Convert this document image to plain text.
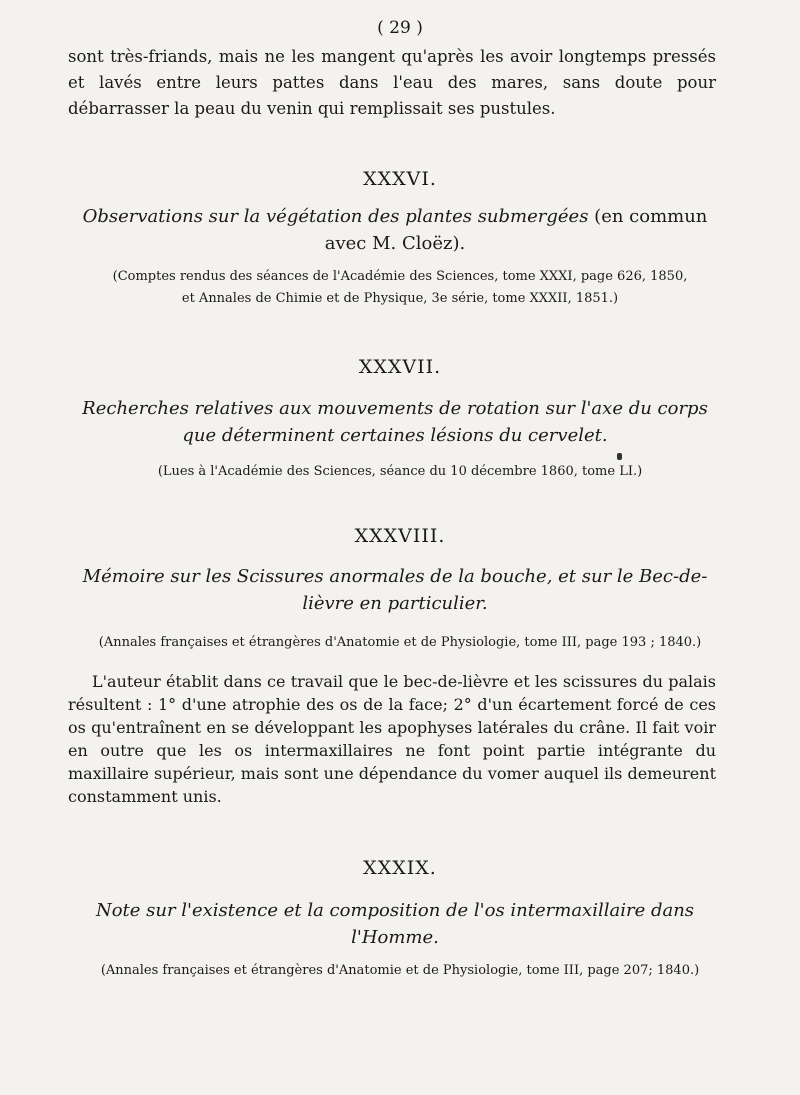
( 29 )

sont très-friands, mais ne les mangent qu'après les avoir longtemps pressés et lavés entre leurs pattes dans l'eau des mares, sans doute pour débarrasser la peau du venin qui remplissait ses pustules.

XXXVI.

Observations sur la végétation des plantes submergées (en commun avec M. Cloëz).

(Comptes rendus des séances de l'Académie des Sciences, tome XXXI, page 626, 1850,

et Annales de Chimie et de Physique, 3e série, tome XXXII, 1851.)

XXXVII.

Recherches relatives aux mouvements de rotation sur l'axe du corps que déterminent certaines lésions du cervelet.

(Lues à l'Académie des Sciences, séance du 10 décembre 1860, tome LI.)

XXXVIII.

Mémoire sur les Scissures anormales de la bouche, et sur le Bec-de-lièvre en particulier.

(Annales françaises et étrangères d'Anatomie et de Physiologie, tome III, page 193 ; 1840.)

L'auteur établit dans ce travail que le bec-de-lièvre et les scissures du palais résultent : 1° d'une atrophie des os de la face; 2° d'un écartement forcé de ces os qu'entraînent en se développant les apophyses latérales du crâne. Il fait voir en outre que les os intermaxillaires ne font point partie intégrante du maxillaire supérieur, mais sont une dépendance du vomer auquel ils demeurent constamment unis.

XXXIX.

Note sur l'existence et la composition de l'os intermaxillaire dans l'Homme.

(Annales françaises et étrangères d'Anatomie et de Physiologie, tome III, page 207; 1840.)
